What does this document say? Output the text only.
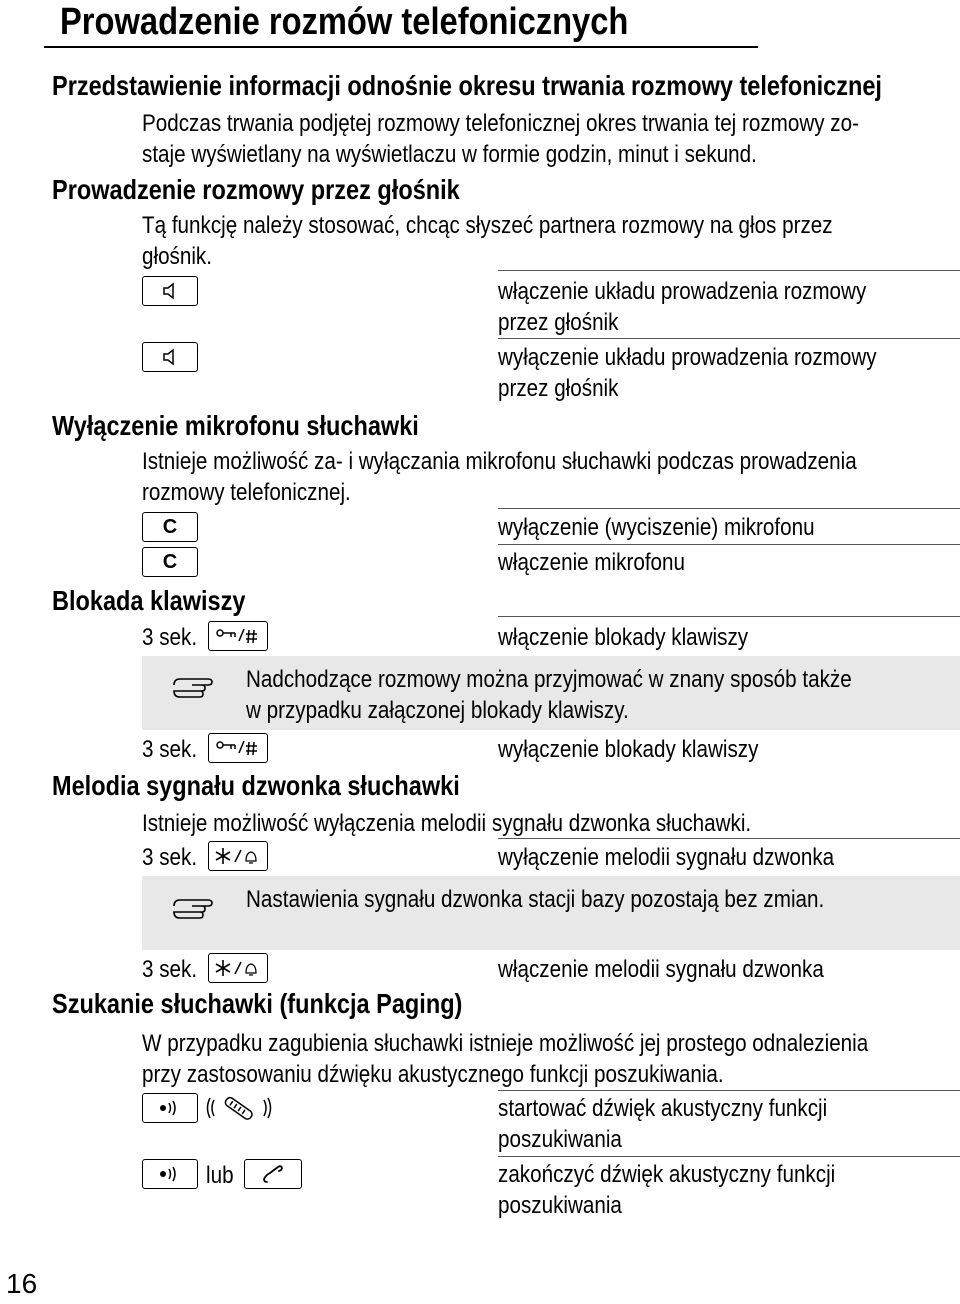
Prowadzenie rozmów telefonicznych
Przedstawienie informacji odnośnie okresu trwania rozmowy telefonicznej
Podczas trwania podjętej rozmowy telefonicznej okres trwania tej rozmowy zo-
staje wyświetlany na wyświetlaczu w formie godzin, minut i sekund.
Prowadzenie rozmowy przez głośnik
Tą funkcję należy stosować, chcąc słyszeć partnera rozmowy na głos przez
głośnik.
włączenie układu prowadzenia rozmowy
przez głośnik
wyłączenie układu prowadzenia rozmowy
przez głośnik
Wyłączenie mikrofonu słuchawki
Istnieje możliwość za- i wyłączania mikrofonu słuchawki podczas prowadzenia
rozmowy telefonicznej.
C	wyłączenie (wyciszenie) mikrofonu
C	włączenie mikrofonu
Blokada klawiszy
3 sek.	włączenie blokady klawiszy
Nadchodzące rozmowy można przyjmować w znany sposób także
w przypadku załączonej blokady klawiszy.
3 sek.	wyłączenie blokady klawiszy
Melodia sygnału dzwonka słuchawki
Istnieje możliwość wyłączenia melodii sygnału dzwonka słuchawki.
3 sek.	wyłączenie melodii sygnału dzwonka
Nastawienia sygnału dzwonka stacji bazy pozostają bez zmian.
3 sek.	włączenie melodii sygnału dzwonka
Szukanie słuchawki (funkcja Paging)
W przypadku zagubienia słuchawki istnieje możliwość jej prostego odnalezienia
przy zastosowaniu dźwięku akustycznego funkcji poszukiwania.
startować dźwięk akustyczny funkcji
poszukiwania
lub	zakończyć dźwięk akustyczny funkcji
poszukiwania
16
